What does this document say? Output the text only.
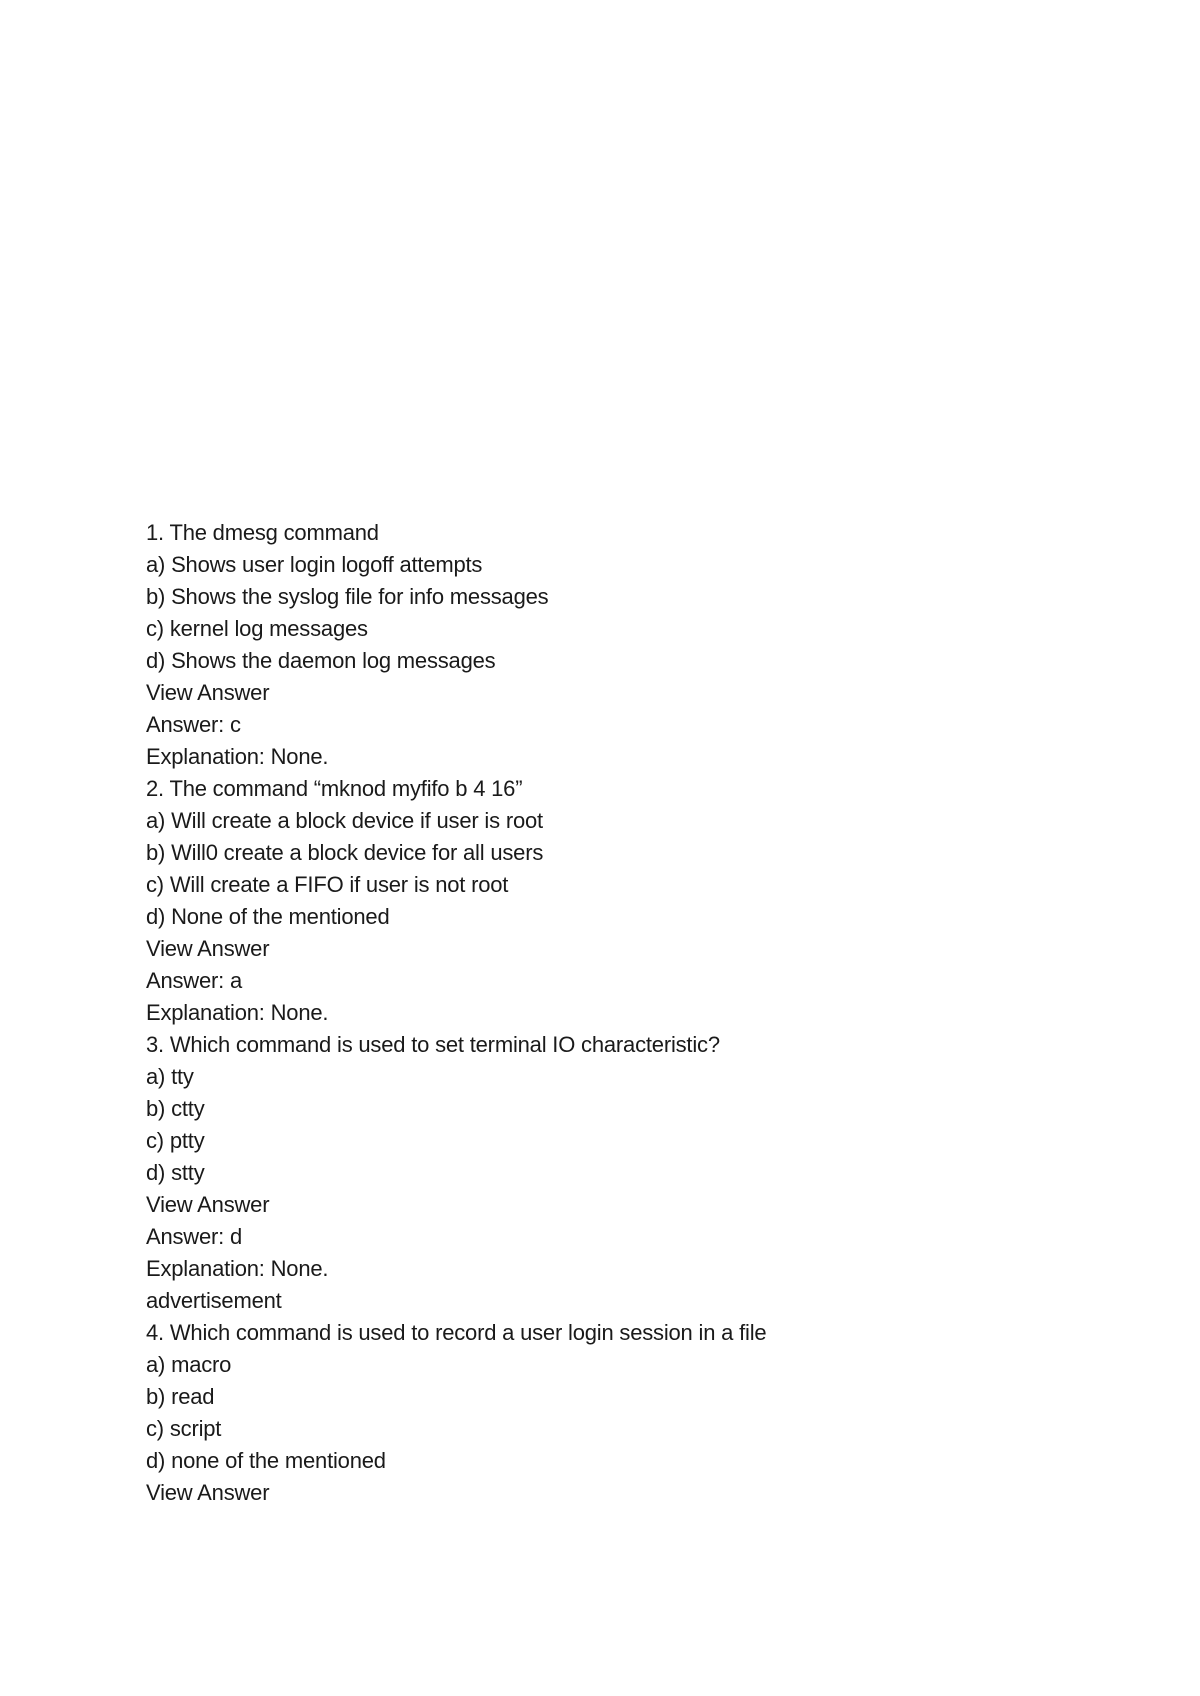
1. The dmesg command
a) Shows user login logoff attempts
b) Shows the syslog file for info messages
c) kernel log messages
d) Shows the daemon log messages
View Answer
Answer: c
Explanation: None.
2. The command “mknod myfifo b 4 16”
a) Will create a block device if user is root
b) Will0 create a block device for all users
c) Will create a FIFO if user is not root
d) None of the mentioned
View Answer
Answer: a
Explanation: None.
3. Which command is used to set terminal IO characteristic?
a) tty
b) ctty
c) ptty
d) stty
View Answer
Answer: d
Explanation: None.
advertisement
4. Which command is used to record a user login session in a file
a) macro
b) read
c) script
d) none of the mentioned
View Answer
